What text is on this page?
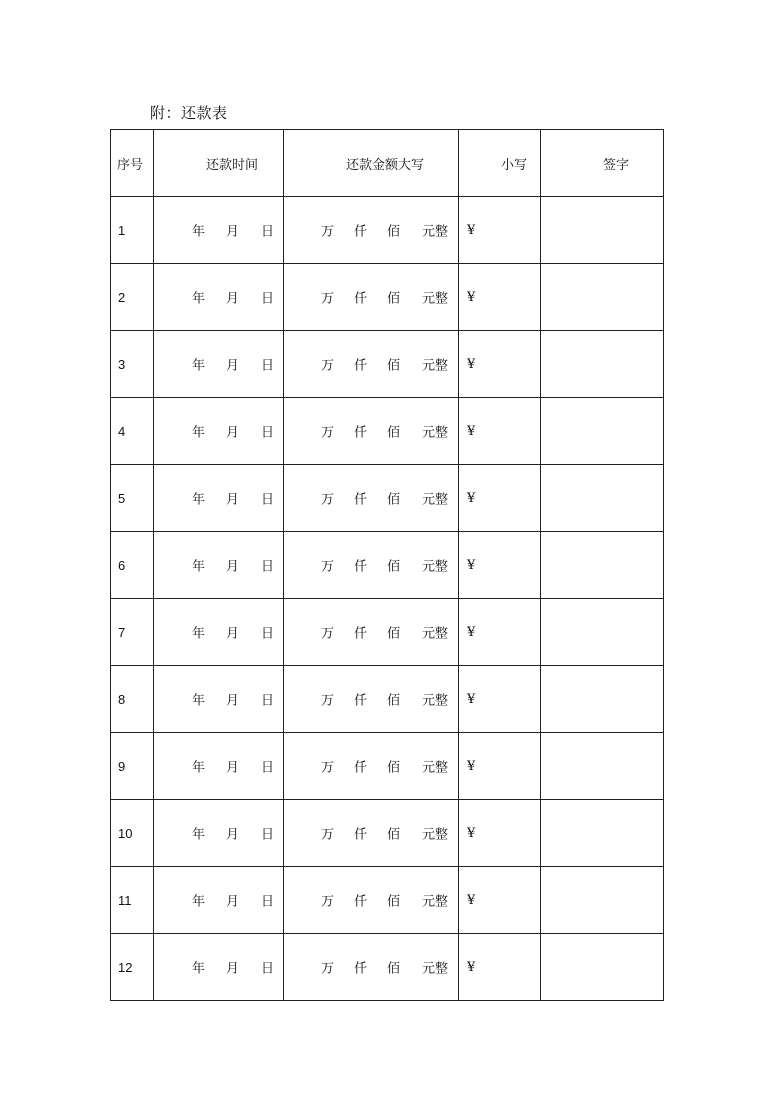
附：还款表
序号	还款时间	还款金额大写	小写	签字
1	年 月 日	万 仟 佰 元整	¥	
2	年 月 日	万 仟 佰 元整	¥	
3	年 月 日	万 仟 佰 元整	¥	
4	年 月 日	万 仟 佰 元整	¥	
5	年 月 日	万 仟 佰 元整	¥	
6	年 月 日	万 仟 佰 元整	¥	
7	年 月 日	万 仟 佰 元整	¥	
8	年 月 日	万 仟 佰 元整	¥	
9	年 月 日	万 仟 佰 元整	¥	
10	年 月 日	万 仟 佰 元整	¥	
11	年 月 日	万 仟 佰 元整	¥	
12	年 月 日	万 仟 佰 元整	¥	
